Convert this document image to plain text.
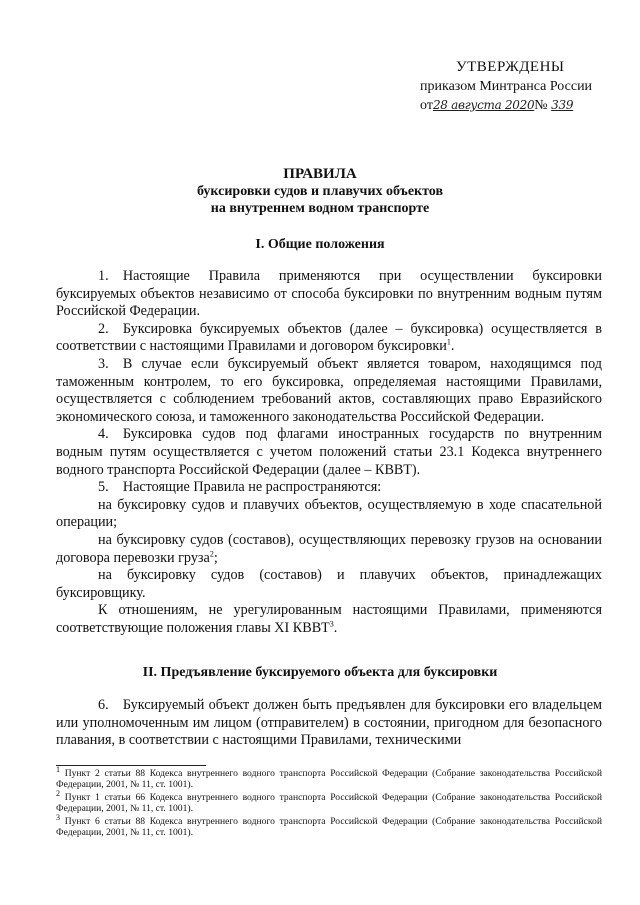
УТВЕРЖДЕНЫ
приказом Минтранса России
от28 августа 2020№ 339
ПРАВИЛА
буксировки судов и плавучих объектов
на внутреннем водном транспорте
I. Общие положения

1. Настоящие Правила применяются при осуществлении буксировки буксируемых объектов независимо от способа буксировки по внутренним водным путям Российской Федерации.

2. Буксировка буксируемых объектов (далее – буксировка) осуществляется в соответствии с настоящими Правилами и договором буксировки$^1$.

3. В случае если буксируемый объект является товаром, находящимся под таможенным контролем, то его буксировка, определяемая настоящими Правилами, осуществляется с соблюдением требований актов, составляющих право Евразийского экономического союза, и таможенного законодательства Российской Федерации.

4. Буксировка судов под флагами иностранных государств по внутренним водным путям осуществляется с учетом положений статьи 23.1 Кодекса внутреннего водного транспорта Российской Федерации (далее – КВВТ).

5. Настоящие Правила не распространяются:

на буксировку судов и плавучих объектов, осуществляемую в ходе спасательной операции;

на буксировку судов (составов), осуществляющих перевозку грузов на основании договора перевозки груза$^2$;

на буксировку судов (составов) и плавучих объектов, принадлежащих буксировщику.

К отношениям, не урегулированным настоящими Правилами, применяются соответствующие положения главы XI КВВТ$^3$.

II. Предъявление буксируемого объекта для буксировки

6. Буксируемый объект должен быть предъявлен для буксировки его владельцем или уполномоченным им лицом (отправителем) в состоянии, пригодном для безопасного плавания, в соответствии с настоящими Правилами, техническими

$^1$ Пункт 2 статьи 88 Кодекса внутреннего водного транспорта Российской Федерации (Собрание законодательства Российской Федерации, 2001, № 11, ст. 1001).

$^2$ Пункт 1 статьи 66 Кодекса внутреннего водного транспорта Российской Федерации (Собрание законодательства Российской Федерации, 2001, № 11, ст. 1001).

$^3$ Пункт 6 статьи 88 Кодекса внутреннего водного транспорта Российской Федерации (Собрание законодательства Российской Федерации, 2001, № 11, ст. 1001).
